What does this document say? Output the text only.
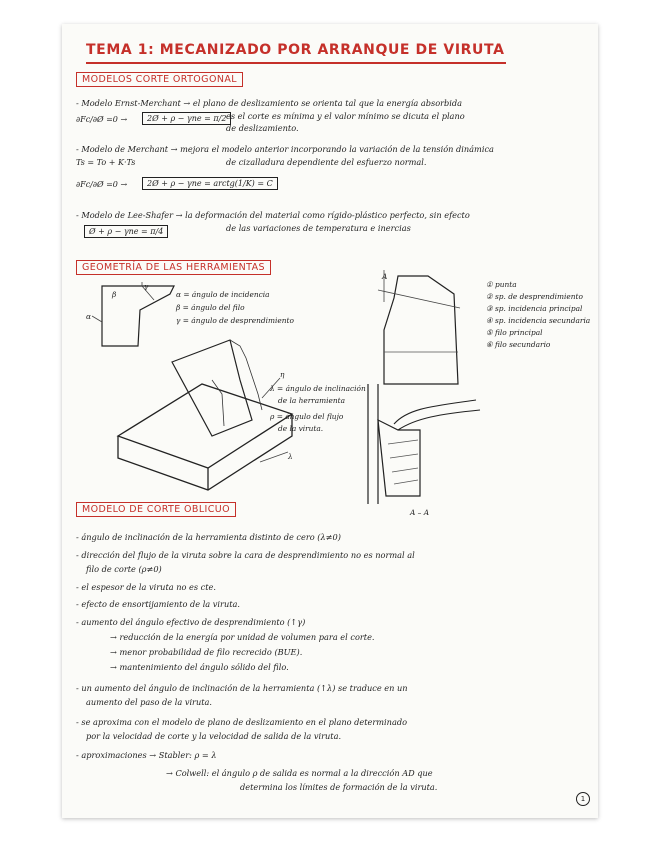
TEMA 1: MECANIZADO POR ARRANQUE DE VIRUTA
MODELOS CORTE ORTOGONAL
- Modelo Ernst-Merchant → el plano de deslizamiento se orienta tal que la energía absorbida
es el corte es mínima y el valor mínimo se dicuta el plano
de deslizamiento.
∂Fc/∂Ø =0 →	2Ø + ρ − γne = π/2
- Modelo de Merchant → mejora el modelo anterior incorporando la variación de la tensión dinámica
de cizalladura dependiente del esfuerzo normal.
Ts = To + K·Ts
∂Fc/∂Ø =0 →	2Ø + ρ − γne = arctg(1/K) = C
- Modelo de Lee-Shafer → la deformación del material como rígido-plástico perfecto, sin efecto
de las variaciones de temperatura e inercias
Ø + ρ − γne = π/4
GEOMETRÍA DE LAS HERRAMIENTAS
β
γ
α
α = ángulo de incidencia
β = ángulo del filo
γ = ángulo de desprendimiento
η
λ
A
① punta
② sp. de desprendimiento
③ sp. incidencia principal
④ sp. incidencia secundaria
⑤ filo principal
⑥ filo secundario
λ = ángulo de inclinación
de la herramienta
ρ = ángulo del flujo
de la viruta.
A – A
MODELO DE CORTE OBLICUO
- ángulo de inclinación de la herramienta distinto de cero (λ≠0)
- dirección del flujo de la viruta sobre la cara de desprendimiento no es normal al
filo de corte (ρ≠0)
- el espesor de la viruta no es cte.
- efecto de ensortijamiento de la viruta.
- aumento del ángulo efectivo de desprendimiento (↑γ)
→ reducción de la energía por unidad de volumen para el corte.
→ menor probabilidad de filo recrecido (BUE).
→ mantenimiento del ángulo sólido del filo.
- un aumento del ángulo de inclinación de la herramienta (↑λ) se traduce en un
aumento del paso de la viruta.
- se aproxima con el modelo de plano de deslizamiento en el plano determinado
por la velocidad de corte y la velocidad de salida de la viruta.
- aproximaciones → Stabler: ρ = λ
→ Colwell: el ángulo ρ de salida es normal a la dirección AD que
determina los límites de formación de la viruta.
1
